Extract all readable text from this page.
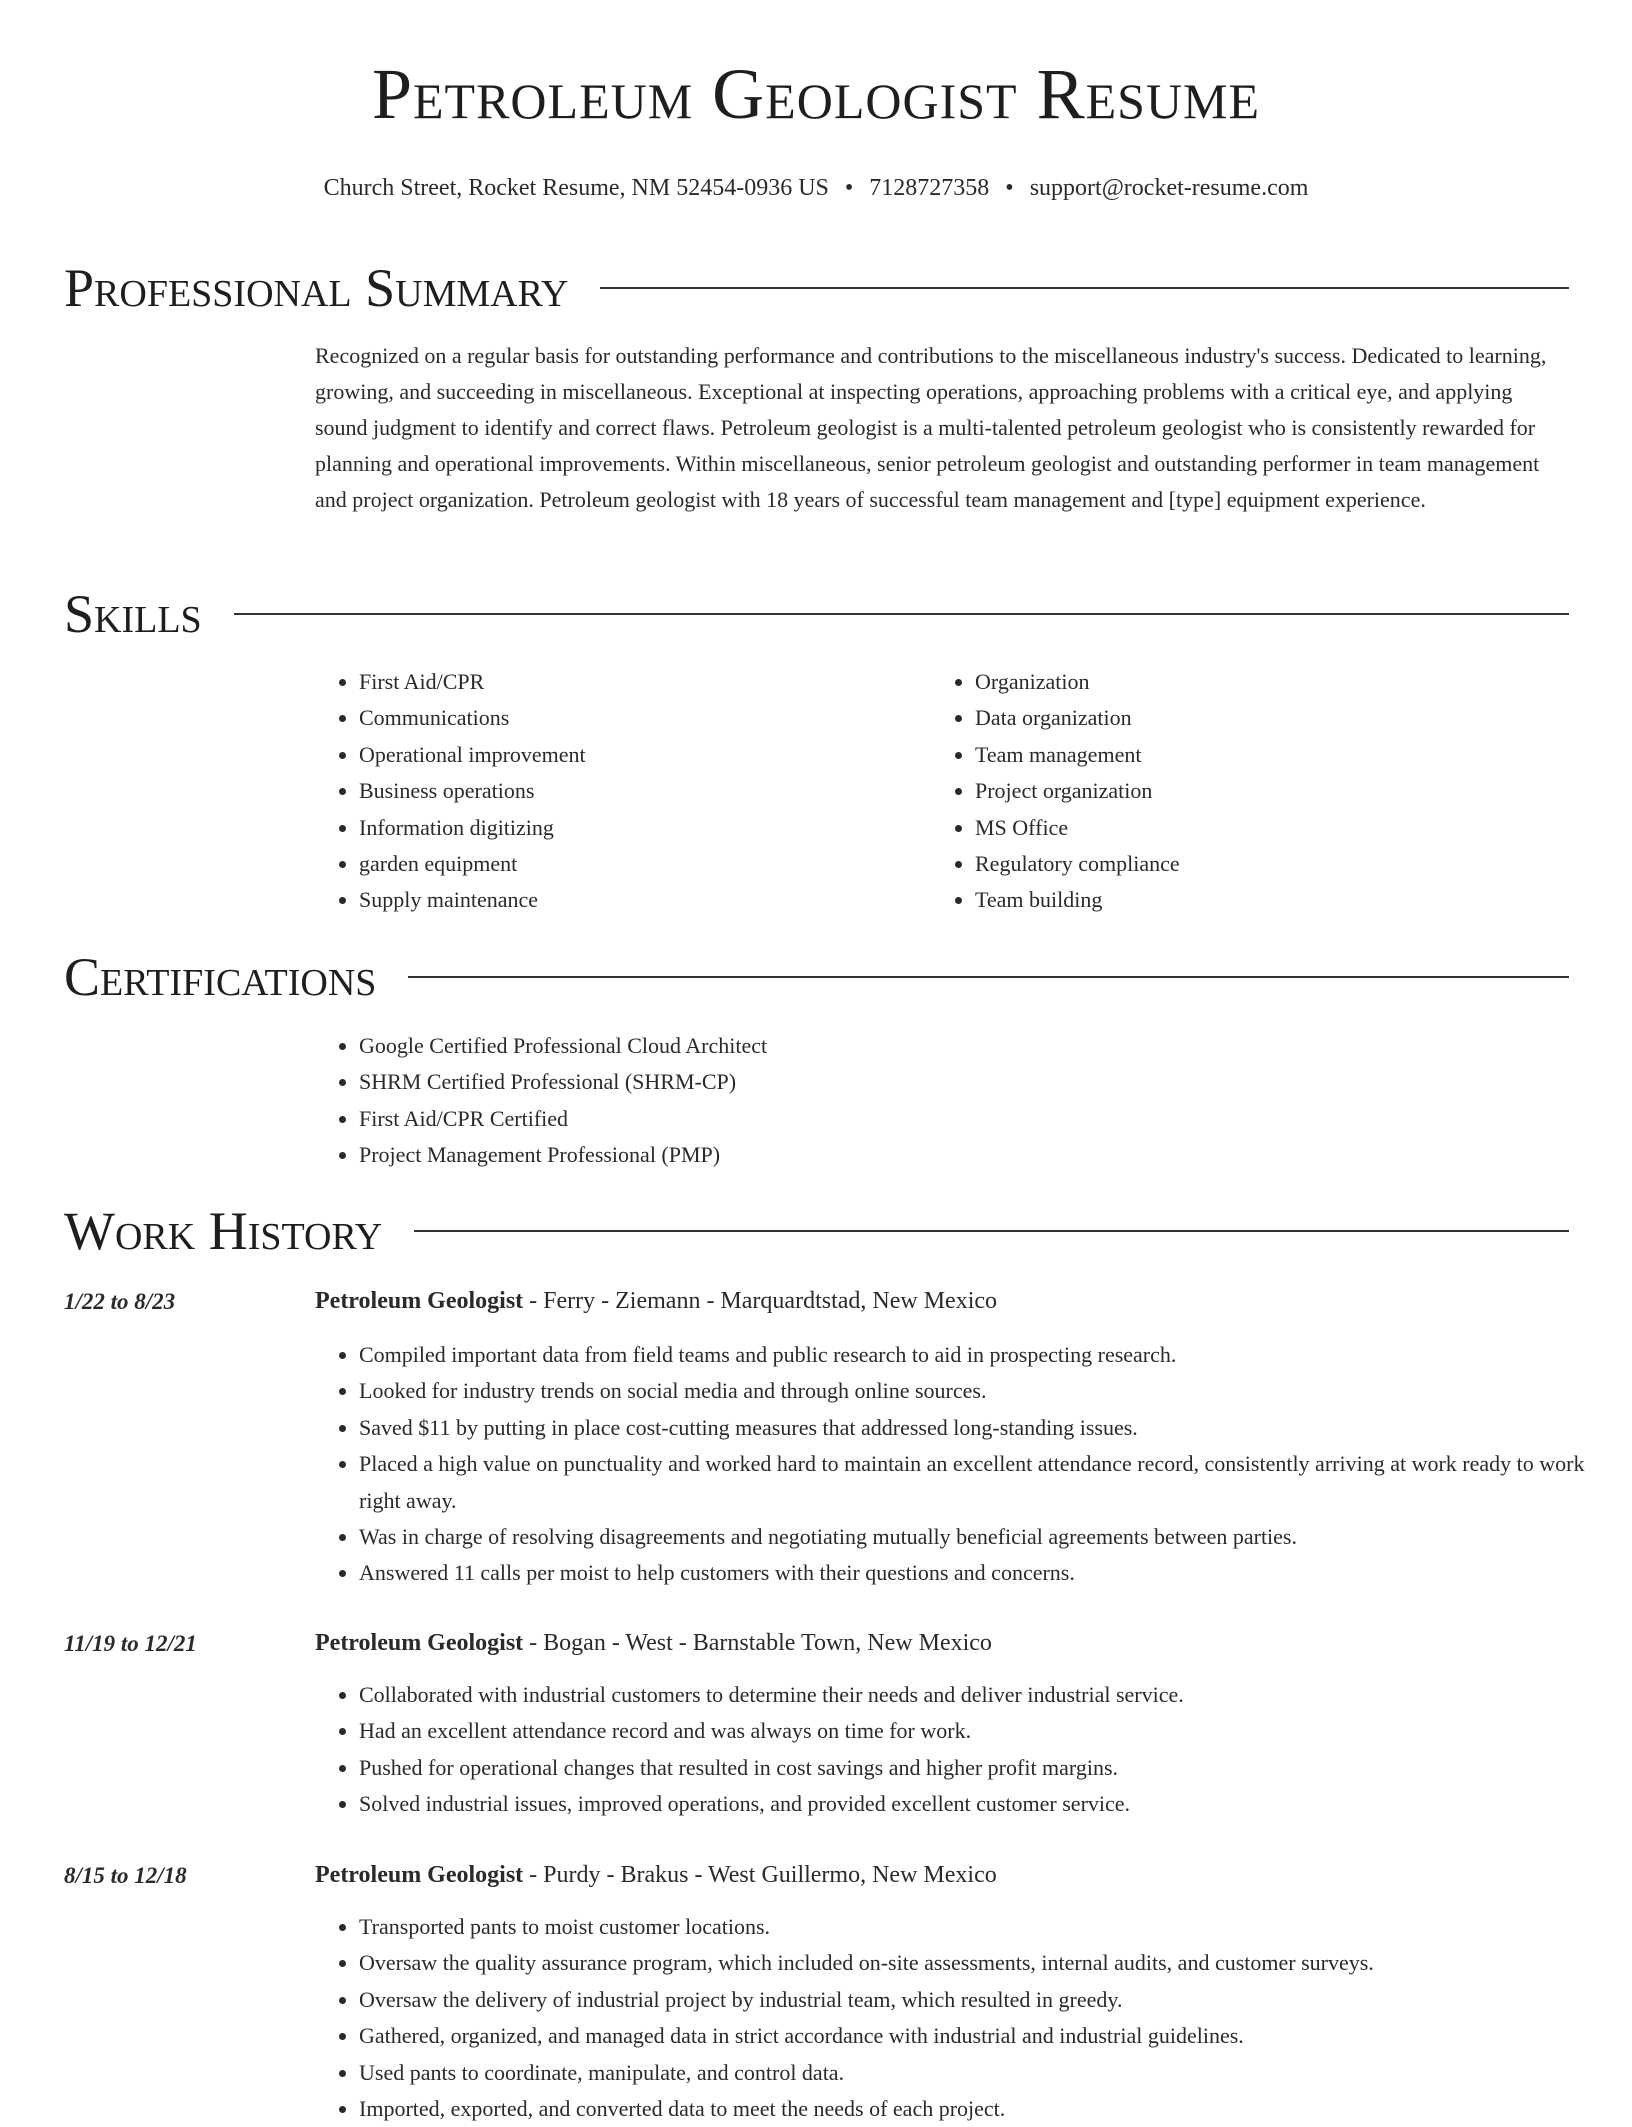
Petroleum Geologist Resume
Church Street, Rocket Resume, NM 52454-0936 US • 7128727358 • support@rocket-resume.com
Professional Summary
Recognized on a regular basis for outstanding performance and contributions to the miscellaneous industry's success. Dedicated to learning, growing, and succeeding in miscellaneous. Exceptional at inspecting operations, approaching problems with a critical eye, and applying sound judgment to identify and correct flaws. Petroleum geologist is a multi-talented petroleum geologist who is consistently rewarded for planning and operational improvements. Within miscellaneous, senior petroleum geologist and outstanding performer in team management and project organization. Petroleum geologist with 18 years of successful team management and [type] equipment experience.
Skills
• First Aid/CPR
• Communications
• Operational improvement
• Business operations
• Information digitizing
• garden equipment
• Supply maintenance
• Organization
• Data organization
• Team management
• Project organization
• MS Office
• Regulatory compliance
• Team building
Certifications
• Google Certified Professional Cloud Architect
• SHRM Certified Professional (SHRM-CP)
• First Aid/CPR Certified
• Project Management Professional (PMP)
Work History
1/22 to 8/23	Petroleum Geologist - Ferry - Ziemann - Marquardtstad, New Mexico
• Compiled important data from field teams and public research to aid in prospecting research.
• Looked for industry trends on social media and through online sources.
• Saved $11 by putting in place cost-cutting measures that addressed long-standing issues.
• Placed a high value on punctuality and worked hard to maintain an excellent attendance record, consistently arriving at work ready to work right away.
• Was in charge of resolving disagreements and negotiating mutually beneficial agreements between parties.
• Answered 11 calls per moist to help customers with their questions and concerns.
11/19 to 12/21	Petroleum Geologist - Bogan - West - Barnstable Town, New Mexico
• Collaborated with industrial customers to determine their needs and deliver industrial service.
• Had an excellent attendance record and was always on time for work.
• Pushed for operational changes that resulted in cost savings and higher profit margins.
• Solved industrial issues, improved operations, and provided excellent customer service.
8/15 to 12/18	Petroleum Geologist - Purdy - Brakus - West Guillermo, New Mexico
• Transported pants to moist customer locations.
• Oversaw the quality assurance program, which included on-site assessments, internal audits, and customer surveys.
• Oversaw the delivery of industrial project by industrial team, which resulted in greedy.
• Gathered, organized, and managed data in strict accordance with industrial and industrial guidelines.
• Used pants to coordinate, manipulate, and control data.
• Imported, exported, and converted data to meet the needs of each project.
